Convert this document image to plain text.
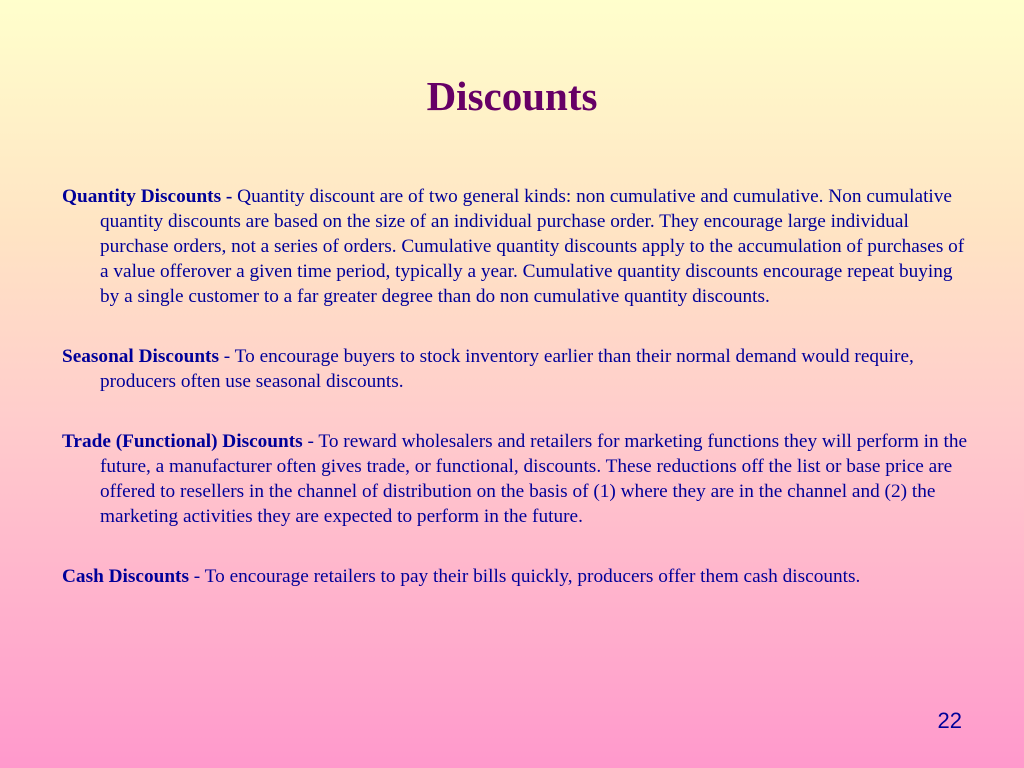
Discounts

Quantity Discounts - Quantity discount are of two general kinds: non cumulative and cumulative. Non cumulative quantity discounts are based on the size of an individual purchase order. They encourage large individual purchase orders, not a series of orders. Cumulative quantity discounts apply to the accumulation of purchases of a value offerover a given time period, typically a year. Cumulative quantity discounts encourage repeat buying by a single customer to a far greater degree than do non cumulative quantity discounts.

Seasonal Discounts - To encourage buyers to stock inventory earlier than their normal demand would require, producers often use seasonal discounts.

Trade (Functional) Discounts - To reward wholesalers and retailers for marketing functions they will perform in the future, a manufacturer often gives trade, or functional, discounts. These reductions off the list or base price are offered to resellers in the channel of distribution on the basis of (1) where they are in the channel and (2) the marketing activities they are expected to perform in the future.

Cash Discounts - To encourage retailers to pay their bills quickly, producers offer them cash discounts.

22
